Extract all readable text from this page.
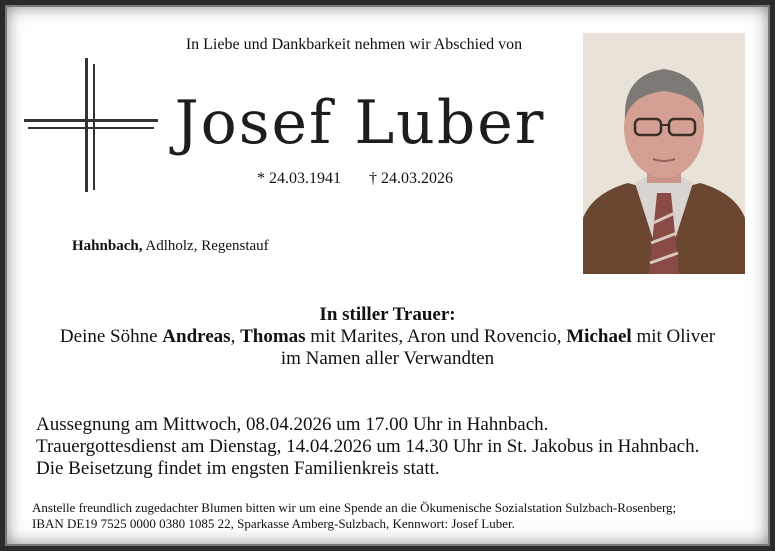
In Liebe und Dankbarkeit nehmen wir Abschied von
Josef Luber
* 24.03.1941 † 24.03.2026
Hahnbach, Adlholz, Regenstauf
In stiller Trauer:
Deine Söhne Andreas, Thomas mit Marites, Aron und Rovencio, Michael mit Oliver
im Namen aller Verwandten
Aussegnung am Mittwoch, 08.04.2026 um 17.00 Uhr in Hahnbach.
Trauergottesdienst am Dienstag, 14.04.2026 um 14.30 Uhr in St. Jakobus in Hahnbach.
Die Beisetzung findet im engsten Familienkreis statt.
Anstelle freundlich zugedachter Blumen bitten wir um eine Spende an die Ökumenische Sozialstation Sulzbach-Rosenberg;
IBAN DE19 7525 0000 0380 1085 22, Sparkasse Amberg-Sulzbach, Kennwort: Josef Luber.
